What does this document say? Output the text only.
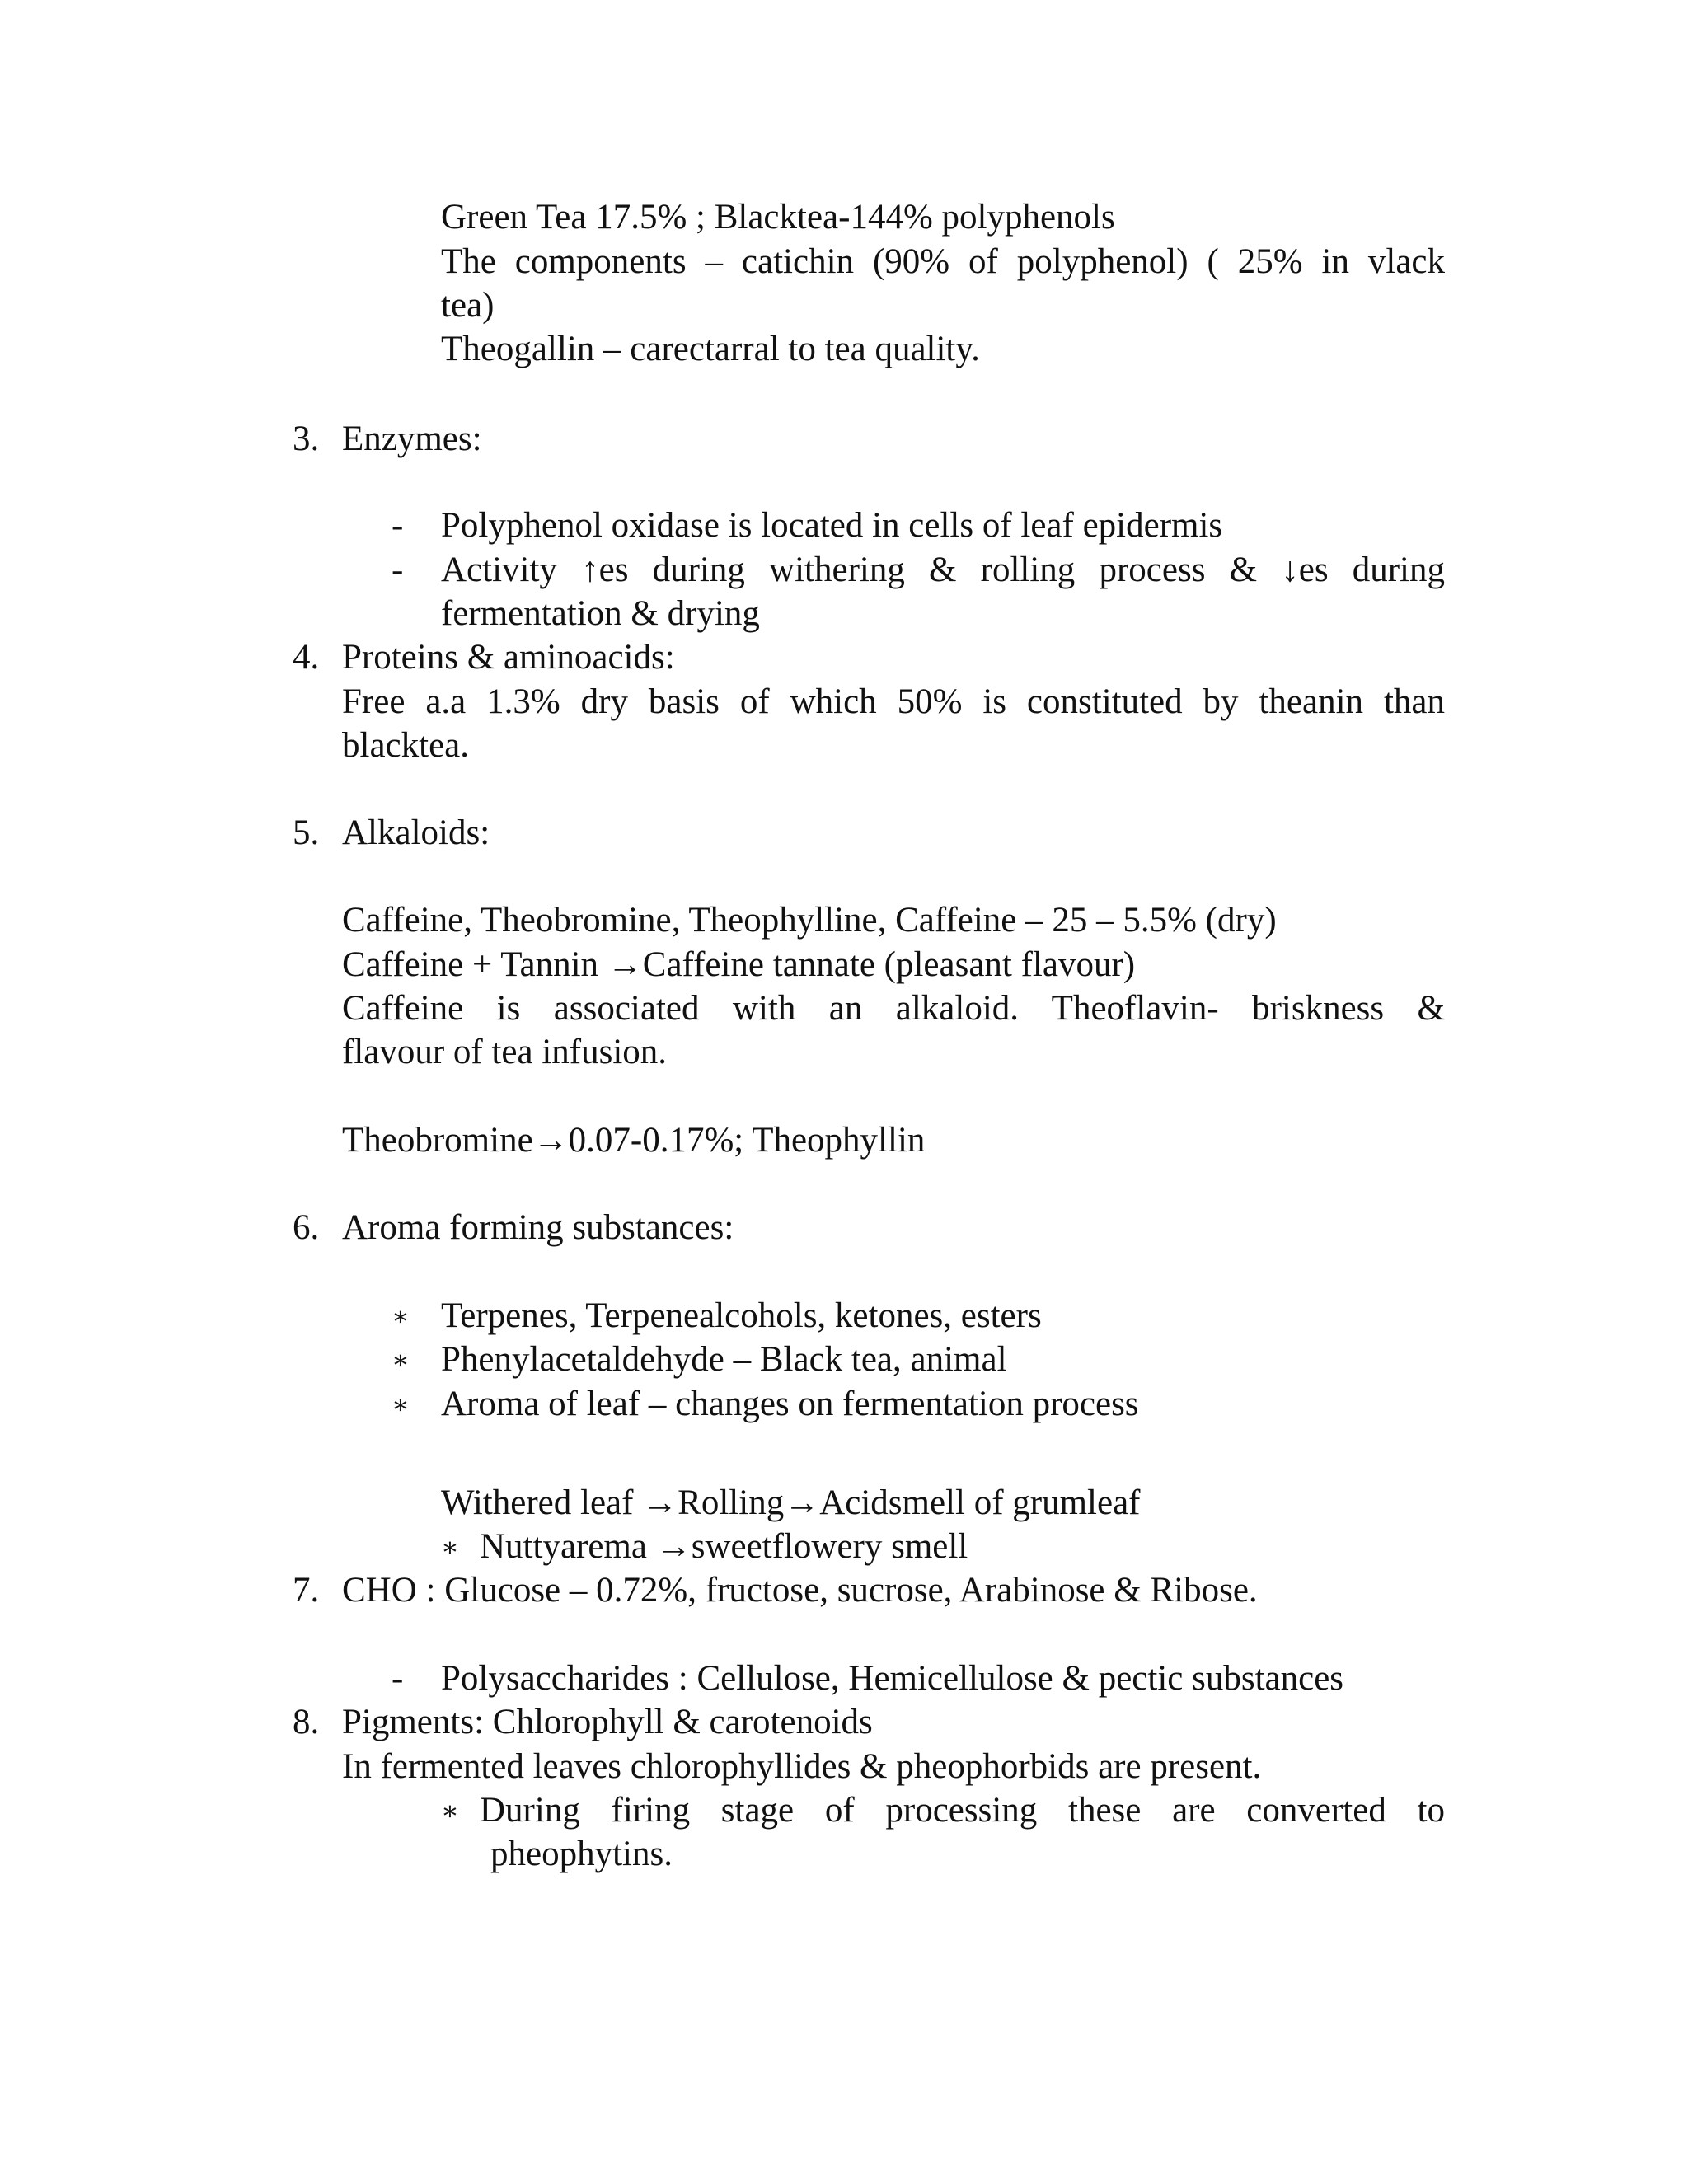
Green Tea 17.5% ; Blacktea-144% polyphenols
The components – catichin (90% of polyphenol) ( 25% in vlack
tea)
Theogallin – carectarral to tea quality.
3. Enzymes:
- Polyphenol oxidase is located in cells of leaf epidermis
- Activity ↑es during withering & rolling process & ↓es during
fermentation & drying
4. Proteins & aminoacids:
Free a.a 1.3% dry basis of which 50% is constituted by theanin than
blacktea.
5. Alkaloids:
Caffeine, Theobromine, Theophylline, Caffeine – 25 – 5.5% (dry)
Caffeine + Tannin →Caffeine tannate (pleasant flavour)
Caffeine is associated with an alkaloid. Theoflavin- briskness &
flavour of tea infusion.
Theobromine→0.07-0.17%; Theophyllin
6. Aroma forming substances:
∗ Terpenes, Terpenealcohols, ketones, esters
∗ Phenylacetaldehyde – Black tea, animal
∗ Aroma of leaf – changes on fermentation process
Withered leaf →Rolling→Acidsmell of grumleaf
∗ Nuttyarema →sweetflowery smell
7. CHO : Glucose – 0.72%, fructose, sucrose, Arabinose & Ribose.
- Polysaccharides : Cellulose, Hemicellulose & pectic substances
8. Pigments: Chlorophyll & carotenoids
In fermented leaves chlorophyllides & pheophorbids are present.
∗ During firing stage of processing these are converted to
pheophytins.
